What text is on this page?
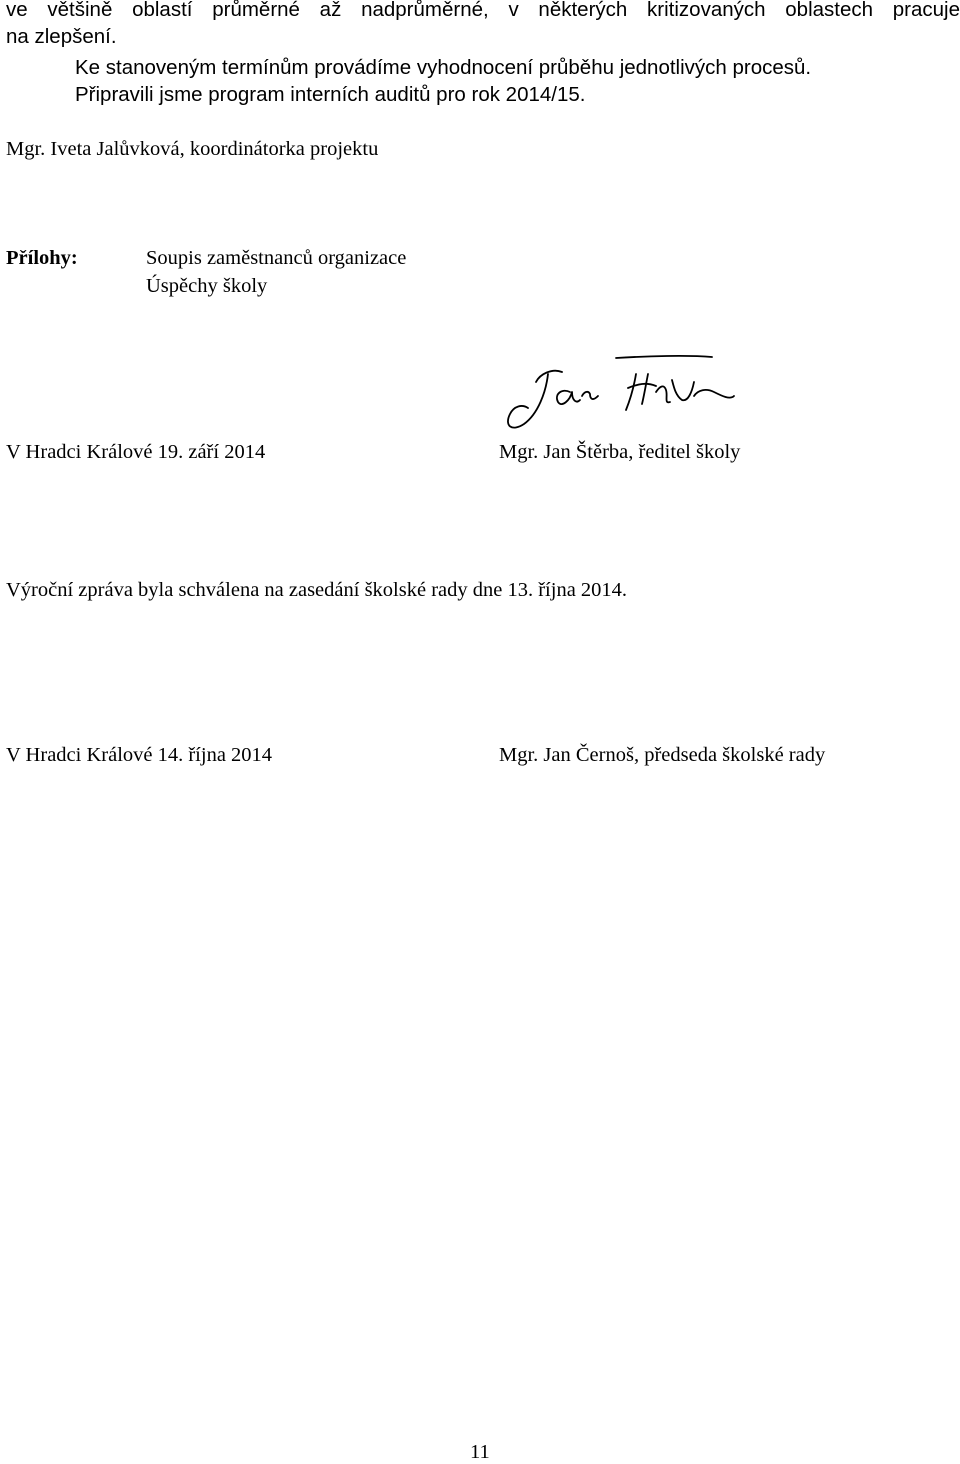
ve většině oblastí průměrné až nadprůměrné, v některých kritizovaných oblastech pracuje
na zlepšení.
Ke stanoveným termínům provádíme vyhodnocení průběhu jednotlivých procesů.
Připravili jsme program interních auditů pro rok 2014/15.
Mgr. Iveta Jalůvková, koordinátorka projektu
Přílohy:	Soupis zaměstnanců organizace
Úspěchy školy
V Hradci Králové 19. září 2014	Mgr. Jan Štěrba, ředitel školy
Výroční zpráva byla schválena na zasedání školské rady dne 13. října 2014.
V Hradci Králové 14. října 2014	Mgr. Jan Černoš, předseda školské rady
11
